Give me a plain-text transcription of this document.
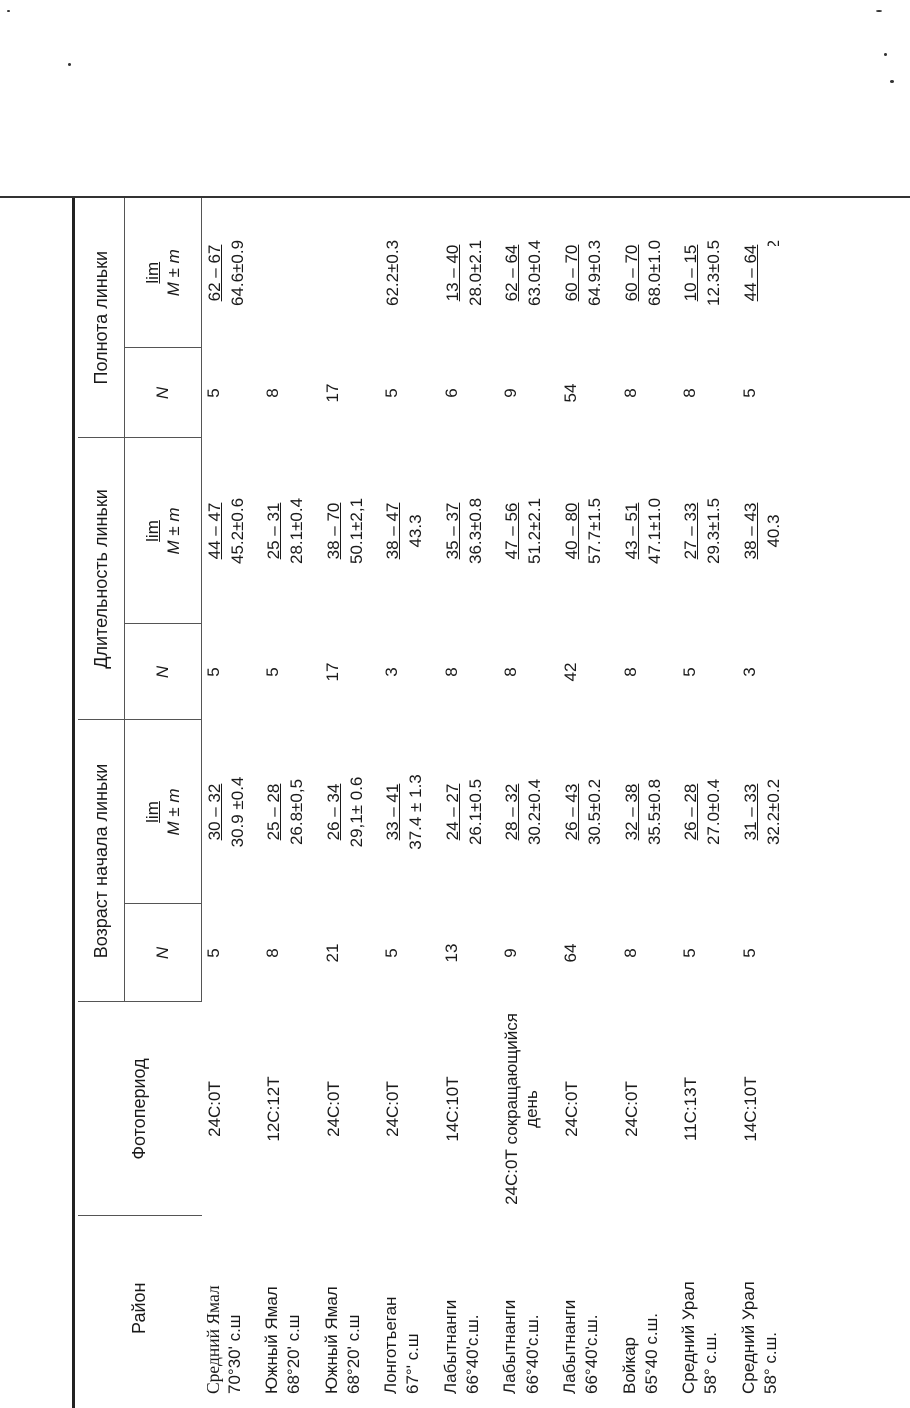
Район	Фотопериод	Возраст начала линьки		Длительность линьки		Полнота линьки	
		N	lim M ± m	N	lim M ± m	N	lim M ± m

Средний Ямал 70°30' с.ш	24С:0Т	5	30 – 32 30.9 ±0.4	5	44 – 47 45.2±0.6	5	62 – 67 64.6±0.9

Южный Ямал 68°20' с.ш	12С:12Т	8	25 – 28 26.8±0,5	5	25 – 31 28.1±0.4	8	

Южный Ямал 68°20' с.ш	24С:0Т	21	26 – 34 29,1± 0.6	17	38 – 70 50.1±2,1	17	

Лонготъеган 67°' с.ш	24С:0Т	5	33 – 41 37.4 ± 1.3	3	38 – 47 43.3	5	62.2±0.3

Лабытнанги 66°40'с.ш.	14С:10Т	13	24 – 27 26.1±0.5	8	35 – 37 36.3±0.8	6	13 – 40 28.0±2.1

Лабытнанги 66°40'с.ш.	24С:0Т сокращающийся день	9	28 – 32 30.2±0.4	8	47 – 56 51.2±2.1	9	62 – 64 63.0±0.4

Лабытнанги 66°40'с.ш.	24С:0Т	64	26 – 43 30.5±0.2	42	40 – 80 57.7±1.5	54	60 – 70 64.9±0.3

Войкар 65°40 с.ш.	24С:0Т	8	32 – 38 35.5±0.8	8	43 – 51 47.1±1.0	8	60 – 70 68.0±1.0

Средний Урал 58° с.ш.	11С:13Т	5	26 – 28 27.0±0.4	5	27 – 33 29.3±1.5	8	10 – 15 12.3±0.5

Средний Урал 58° с.ш.	14С:10Т	5	31 – 33 32.2±0.2	3	38 – 43 40.3	5	44 – 64
